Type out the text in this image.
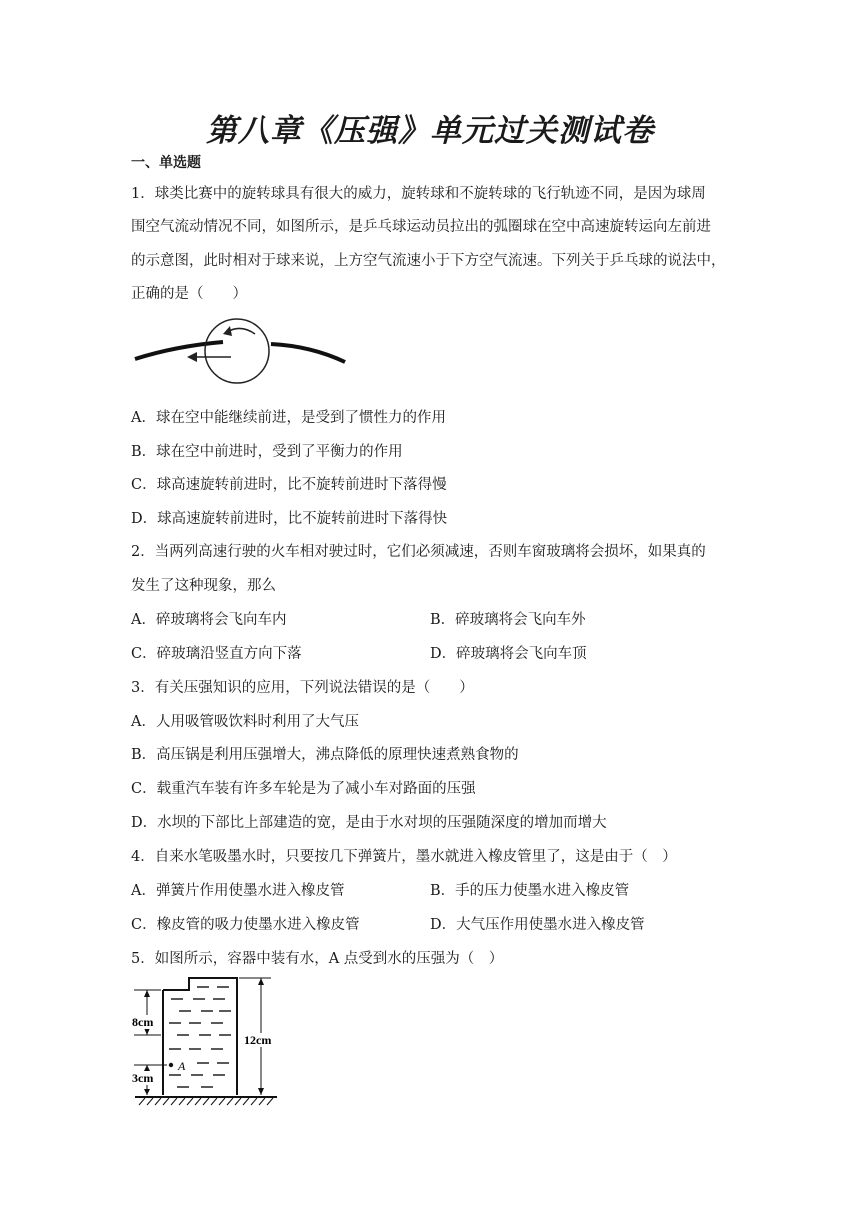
第八章《压强》单元过关测试卷
一、单选题
1．球类比赛中的旋转球具有很大的威力，旋转球和不旋转球的飞行轨迹不同，是因为球周
围空气流动情况不同，如图所示，是乒乓球运动员拉出的弧圈球在空中高速旋转运向左前进
的示意图，此时相对于球来说，上方空气流速小于下方空气流速。下列关于乒乓球的说法中，
正确的是（　　）
A．球在空中能继续前进，是受到了惯性力的作用
B．球在空中前进时，受到了平衡力的作用
C．球高速旋转前进时，比不旋转前进时下落得慢
D．球高速旋转前进时，比不旋转前进时下落得快
2．当两列高速行驶的火车相对驶过时，它们必须减速，否则车窗玻璃将会损坏，如果真的
发生了这种现象，那么
A．碎玻璃将会飞向车内	B．碎玻璃将会飞向车外
C．碎玻璃沿竖直方向下落	D．碎玻璃将会飞向车顶
3．有关压强知识的应用，下列说法错误的是（　　）
A．人用吸管吸饮料时利用了大气压
B．高压锅是利用压强增大，沸点降低的原理快速煮熟食物的
C．载重汽车装有许多车轮是为了减小车对路面的压强
D．水坝的下部比上部建造的宽，是由于水对坝的压强随深度的增加而增大
4．自来水笔吸墨水时，只要按几下弹簧片，墨水就进入橡皮管里了，这是由于（　）
A．弹簧片作用使墨水进入橡皮管	B．手的压力使墨水进入橡皮管
C．橡皮管的吸力使墨水进入橡皮管	D．大气压作用使墨水进入橡皮管
5．如图所示，容器中装有水，A 点受到水的压强为（　）
A
8cm
3cm
12cm
